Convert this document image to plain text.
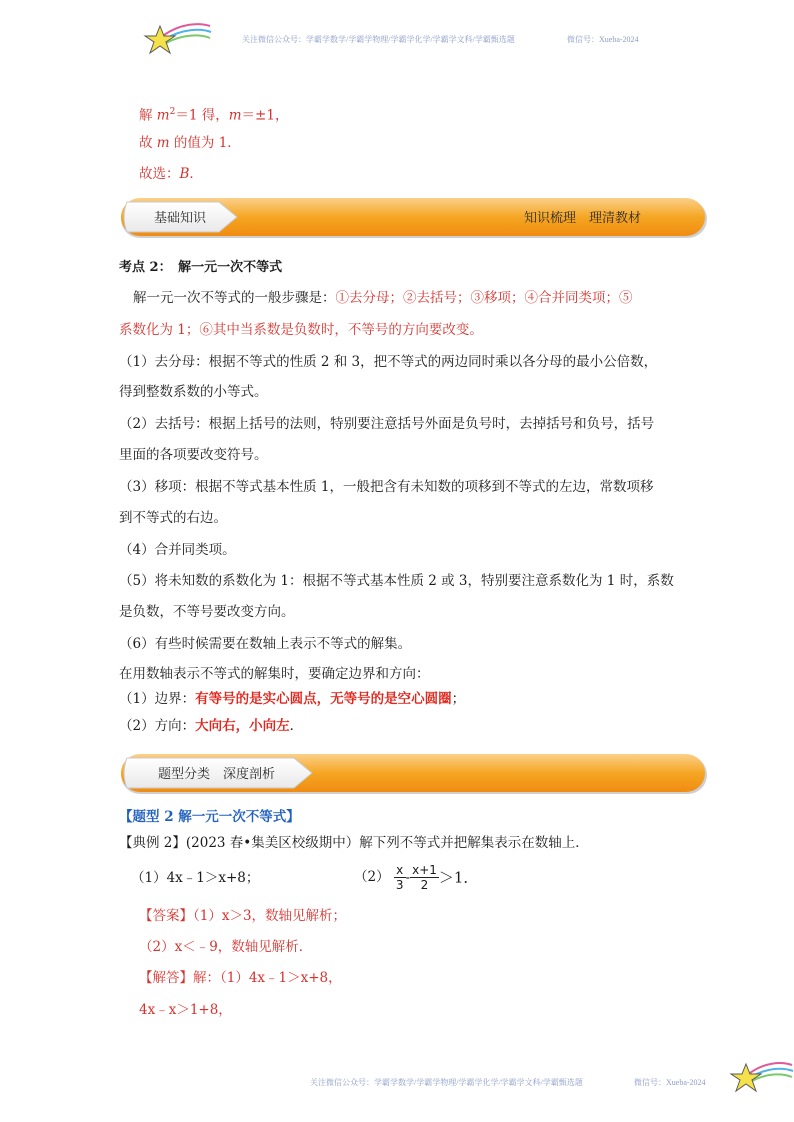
关注微信公众号：学霸学数学/学霸学物理/学霸学化学/学霸学文科/学霸甄选题	微信号：Xueba-2024
解 $m^2=1$ 得，m＝±1，
故 m 的值为 1．
故选：B．
基础知识	知识梳理　理清教材
考点 2：　解一元一次不等式
解一元一次不等式的一般步骤是：①去分母；②去括号；③移项；④合并同类项；⑤
系数化为 1；⑥其中当系数是负数时，不等号的方向要改变。
（1）去分母：根据不等式的性质 2 和 3，把不等式的两边同时乘以各分母的最小公倍数，
得到整数系数的小等式。
（2）去括号：根据上括号的法则，特别要注意括号外面是负号时，去掉括号和负号，括号
里面的各项要改变符号。
（3）移项：根据不等式基本性质 1，一般把含有未知数的项移到不等式的左边，常数项移
到不等式的右边。
（4）合并同类项。
（5）将未知数的系数化为 1：根据不等式基本性质 2 或 3，特别要注意系数化为 1 时，系数
是负数，不等号要改变方向。
（6）有些时候需要在数轴上表示不等式的解集。
在用数轴表示不等式的解集时，要确定边界和方向：
（1）边界：有等号的是实心圆点，无等号的是空心圆圈；
（2）方向：大向右，小向左．
题型分类　深度剖析
【题型 2 解一元一次不等式】
【典例 2】(2023 春•集美区校级期中）解下列不等式并把解集表示在数轴上．
（1）4x﹣1＞x+8；	$(2) \frac{x}{3} - \frac{x+1}{2} >1$．
【答案】（1）x＞3，数轴见解析；
（2）x＜﹣9，数轴见解析．
【解答】解：（1）4x﹣1＞x+8，
4x﹣x＞1+8，
关注微信公众号：学霸学数学/学霸学物理/学霸学化学/学霸学文科/学霸甄选题	微信号：Xueba-2024
